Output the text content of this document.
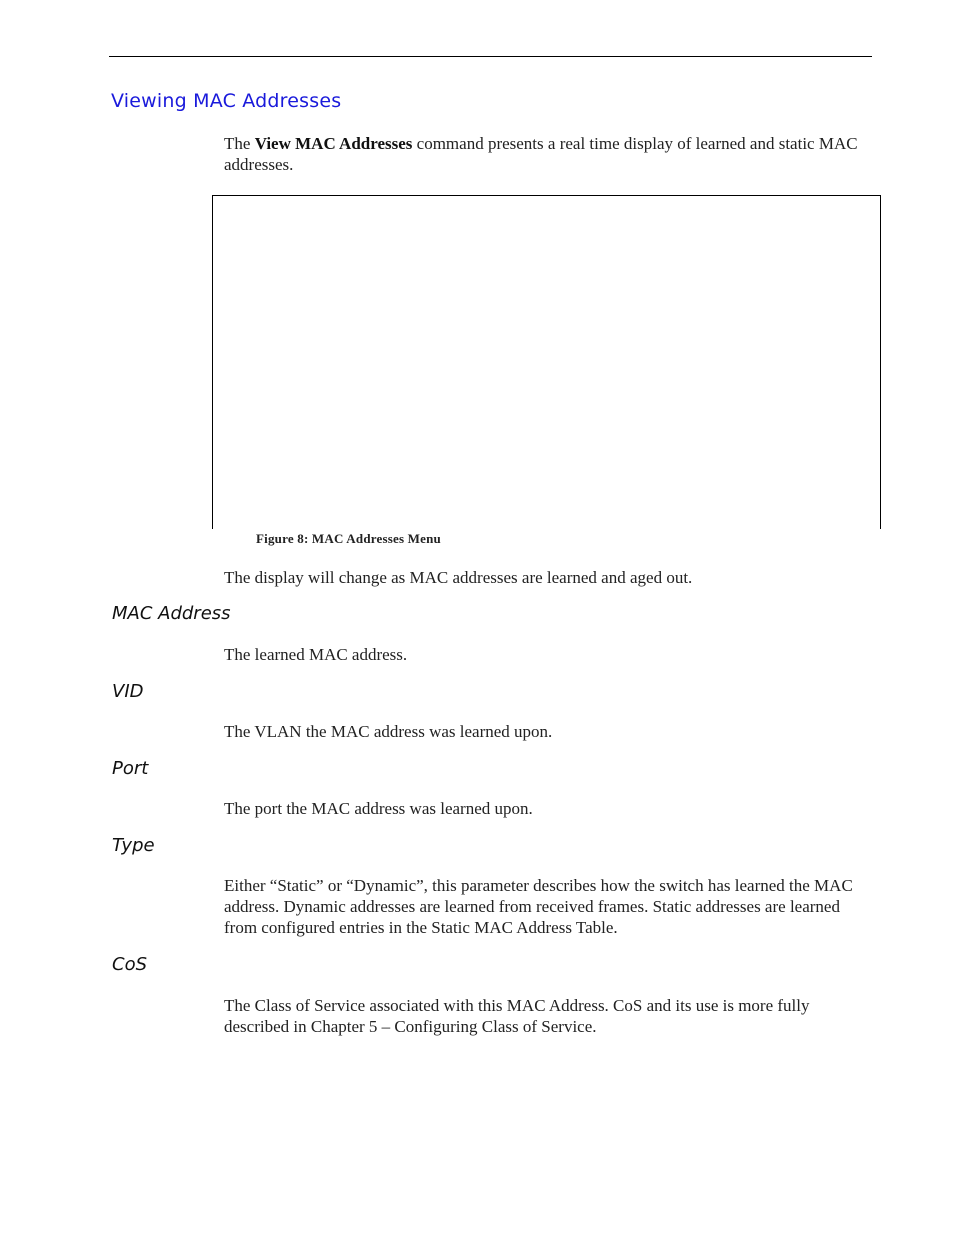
Viewing MAC Addresses

The View MAC Addresses command presents a real time display of learned and static MAC addresses.

Figure 8: MAC Addresses Menu

The display will change as MAC addresses are learned and aged out.

MAC Address

The learned MAC address.

VID

The VLAN the MAC address was learned upon.

Port

The port the MAC address was learned upon.

Type

Either “Static” or “Dynamic”, this parameter describes how the switch has learned the MAC address. Dynamic addresses are learned from received frames. Static addresses are learned from configured entries in the Static MAC Address Table.

CoS

The Class of Service associated with this MAC Address. CoS and its use is more fully described in Chapter 5 – Configuring Class of Service.
